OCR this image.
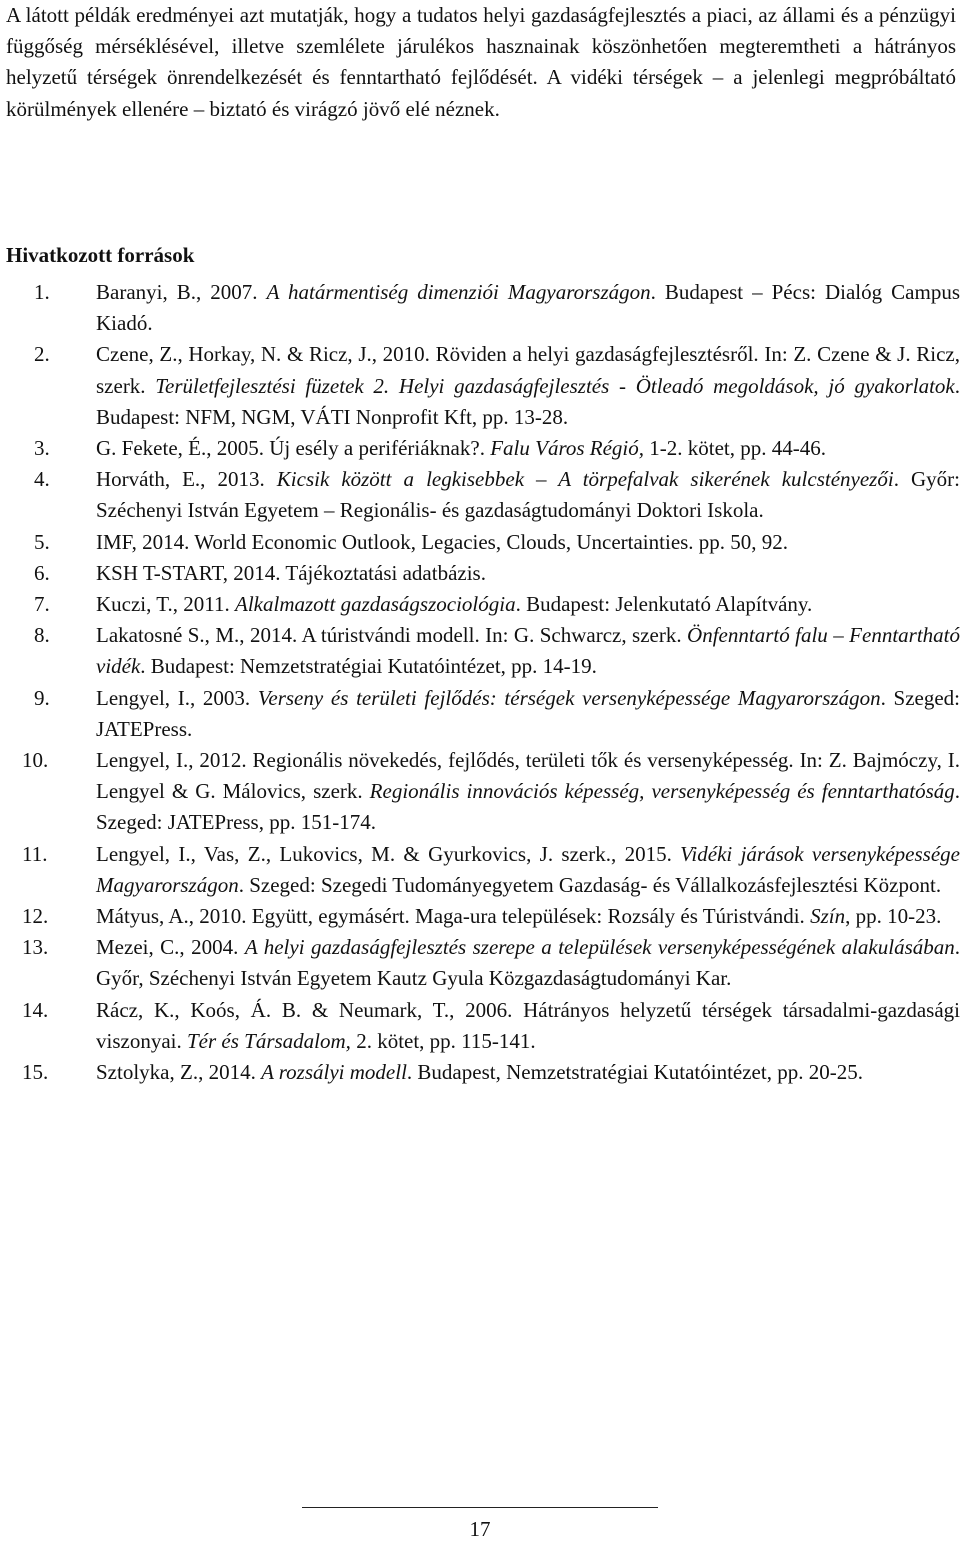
A látott példák eredményei azt mutatják, hogy a tudatos helyi gazdaságfejlesztés a piaci, az állami és a pénzügyi függőség mérséklésével, illetve szemlélete járulékos hasznainak köszönhetően megteremtheti a hátrányos helyzetű térségek önrendelkezését és fenntartható fejlődését. A vidéki térségek – a jelenlegi megpróbáltató körülmények ellenére – biztató és virágzó jövő elé néznek.

Hivatkozott források
1. Baranyi, B., 2007. A határmentiség dimenziói Magyarországon. Budapest – Pécs: Dialóg Campus Kiadó.
2. Czene, Z., Horkay, N. & Ricz, J., 2010. Röviden a helyi gazdaságfejlesztésről. In: Z. Czene & J. Ricz, szerk. Területfejlesztési füzetek 2. Helyi gazdaságfejlesztés - Ötleadó megoldások, jó gyakorlatok. Budapest: NFM, NGM, VÁTI Nonprofit Kft, pp. 13-28.
3. G. Fekete, É., 2005. Új esély a perifériáknak?. Falu Város Régió, 1-2. kötet, pp. 44-46.
4. Horváth, E., 2013. Kicsik között a legkisebbek – A törpefalvak sikerének kulcstényezői. Győr: Széchenyi István Egyetem – Regionális- és gazdaságtudományi Doktori Iskola.
5. IMF, 2014. World Economic Outlook, Legacies, Clouds, Uncertainties. pp. 50, 92.
6. KSH T-START, 2014. Tájékoztatási adatbázis.
7. Kuczi, T., 2011. Alkalmazott gazdaságszociológia. Budapest: Jelenkutató Alapítvány.
8. Lakatosné S., M., 2014. A túristvándi modell. In: G. Schwarcz, szerk. Önfenntartó falu – Fenntartható vidék. Budapest: Nemzetstratégiai Kutatóintézet, pp. 14-19.
9. Lengyel, I., 2003. Verseny és területi fejlődés: térségek versenyképessége Magyarországon. Szeged: JATEPress.
10. Lengyel, I., 2012. Regionális növekedés, fejlődés, területi tők és versenyképesség. In: Z. Bajmóczy, I. Lengyel & G. Málovics, szerk. Regionális innovációs képesség, versenyképesség és fenntarthatóság. Szeged: JATEPress, pp. 151-174.
11. Lengyel, I., Vas, Z., Lukovics, M. & Gyurkovics, J. szerk., 2015. Vidéki járások versenyképessége Magyarországon. Szeged: Szegedi Tudományegyetem Gazdaság- és Vállalkozásfejlesztési Központ.
12. Mátyus, A., 2010. Együtt, egymásért. Maga-ura települések: Rozsály és Túristvándi. Szín, pp. 10-23.
13. Mezei, C., 2004. A helyi gazdaságfejlesztés szerepe a települések versenyképességének alakulásában. Győr, Széchenyi István Egyetem Kautz Gyula Közgazdaságtudományi Kar.
14. Rácz, K., Koós, Á. B. & Neumark, T., 2006. Hátrányos helyzetű térségek társadalmi-gazdasági viszonyai. Tér és Társadalom, 2. kötet, pp. 115-141.
15. Sztolyka, Z., 2014. A rozsályi modell. Budapest, Nemzetstratégiai Kutatóintézet, pp. 20-25.
17
